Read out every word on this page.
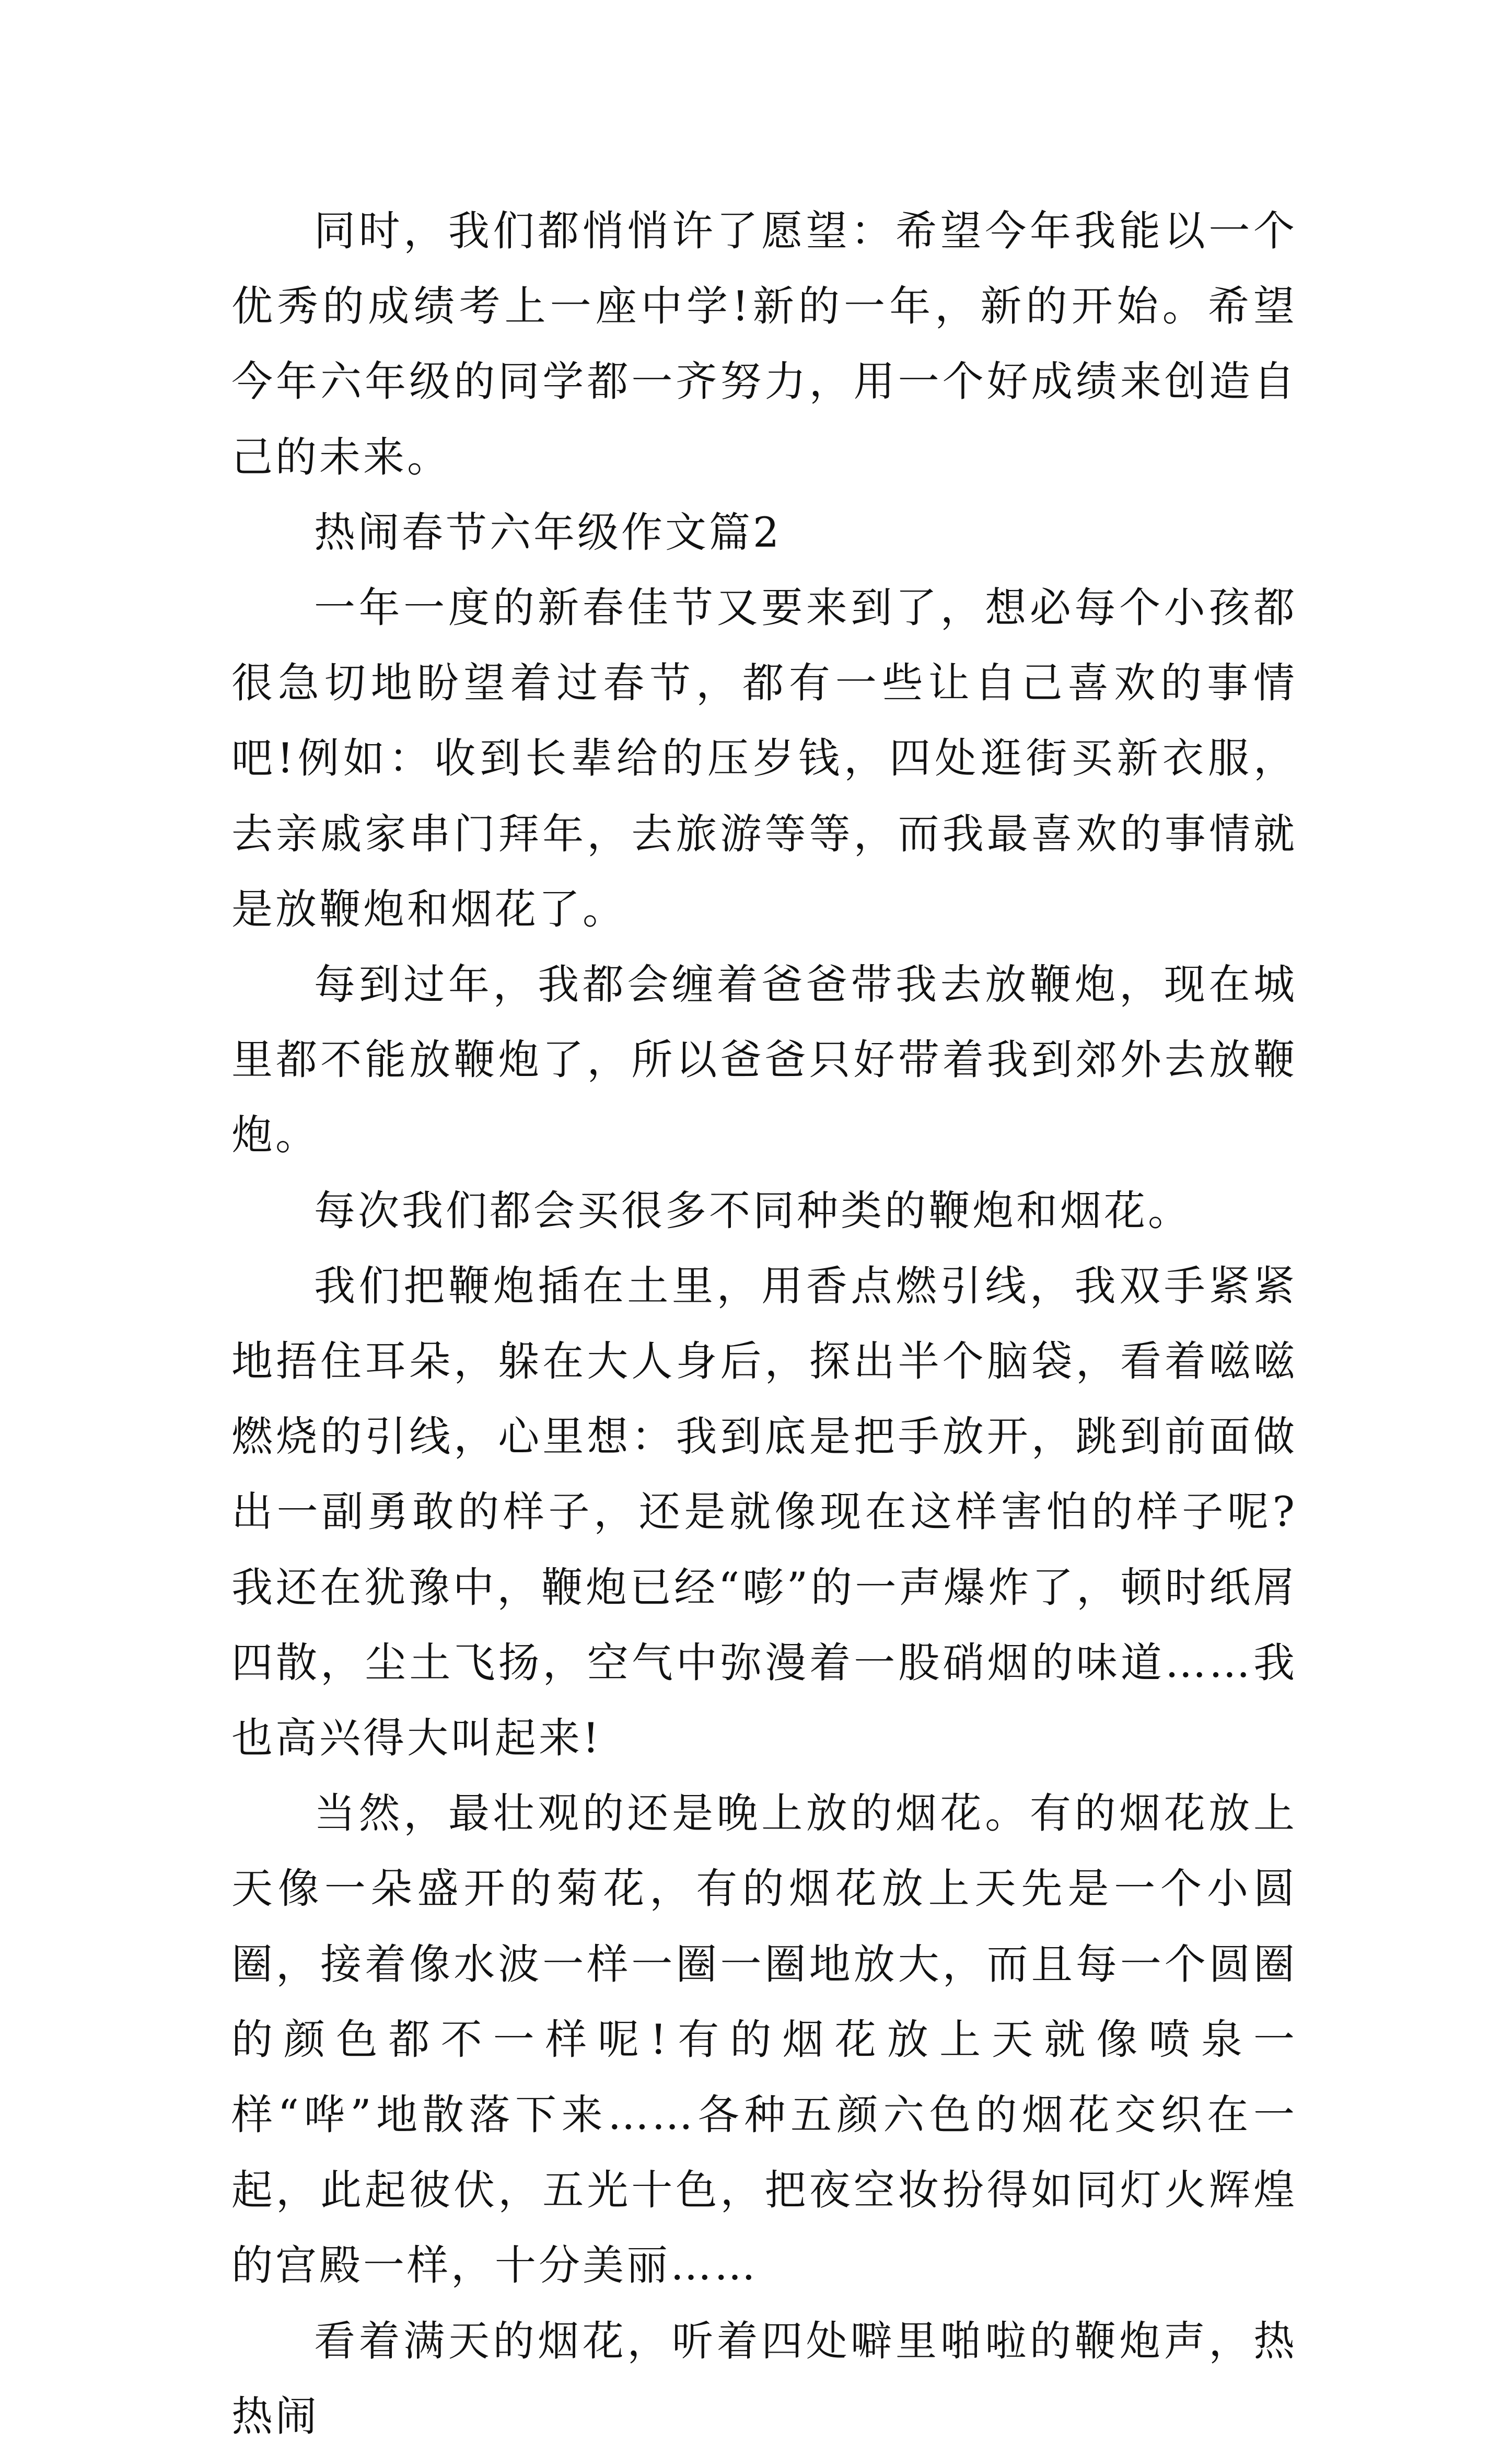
同时，我们都悄悄许了愿望：希望今年我能以一个优秀的成绩考上一座中学!新的一年，新的开始。希望今年六年级的同学都一齐努力，用一个好成绩来创造自己的未来。

热闹春节六年级作文篇2

一年一度的新春佳节又要来到了，想必每个小孩都很急切地盼望着过春节，都有一些让自己喜欢的事情吧!例如：收到长辈给的压岁钱，四处逛街买新衣服，去亲戚家串门拜年，去旅游等等，而我最喜欢的事情就是放鞭炮和烟花了。

每到过年，我都会缠着爸爸带我去放鞭炮，现在城里都不能放鞭炮了，所以爸爸只好带着我到郊外去放鞭炮。

每次我们都会买很多不同种类的鞭炮和烟花。

我们把鞭炮插在土里，用香点燃引线，我双手紧紧地捂住耳朵，躲在大人身后，探出半个脑袋，看着嗞嗞燃烧的引线，心里想：我到底是把手放开，跳到前面做出一副勇敢的样子，还是就像现在这样害怕的样子呢?我还在犹豫中，鞭炮已经“嘭”的一声爆炸了，顿时纸屑四散，尘土飞扬，空气中弥漫着一股硝烟的味道……我也高兴得大叫起来!

当然，最壮观的还是晚上放的烟花。有的烟花放上天像一朵盛开的菊花，有的烟花放上天先是一个小圆圈，接着像水波一样一圈一圈地放大，而且每一个圆圈的颜色都不一样呢!有的烟花放上天就像喷泉一样“哗”地散落下来……各种五颜六色的烟花交织在一起，此起彼伏，五光十色，把夜空妆扮得如同灯火辉煌的宫殿一样，十分美丽……

看着满天的烟花，听着四处噼里啪啦的鞭炮声，热热闹
